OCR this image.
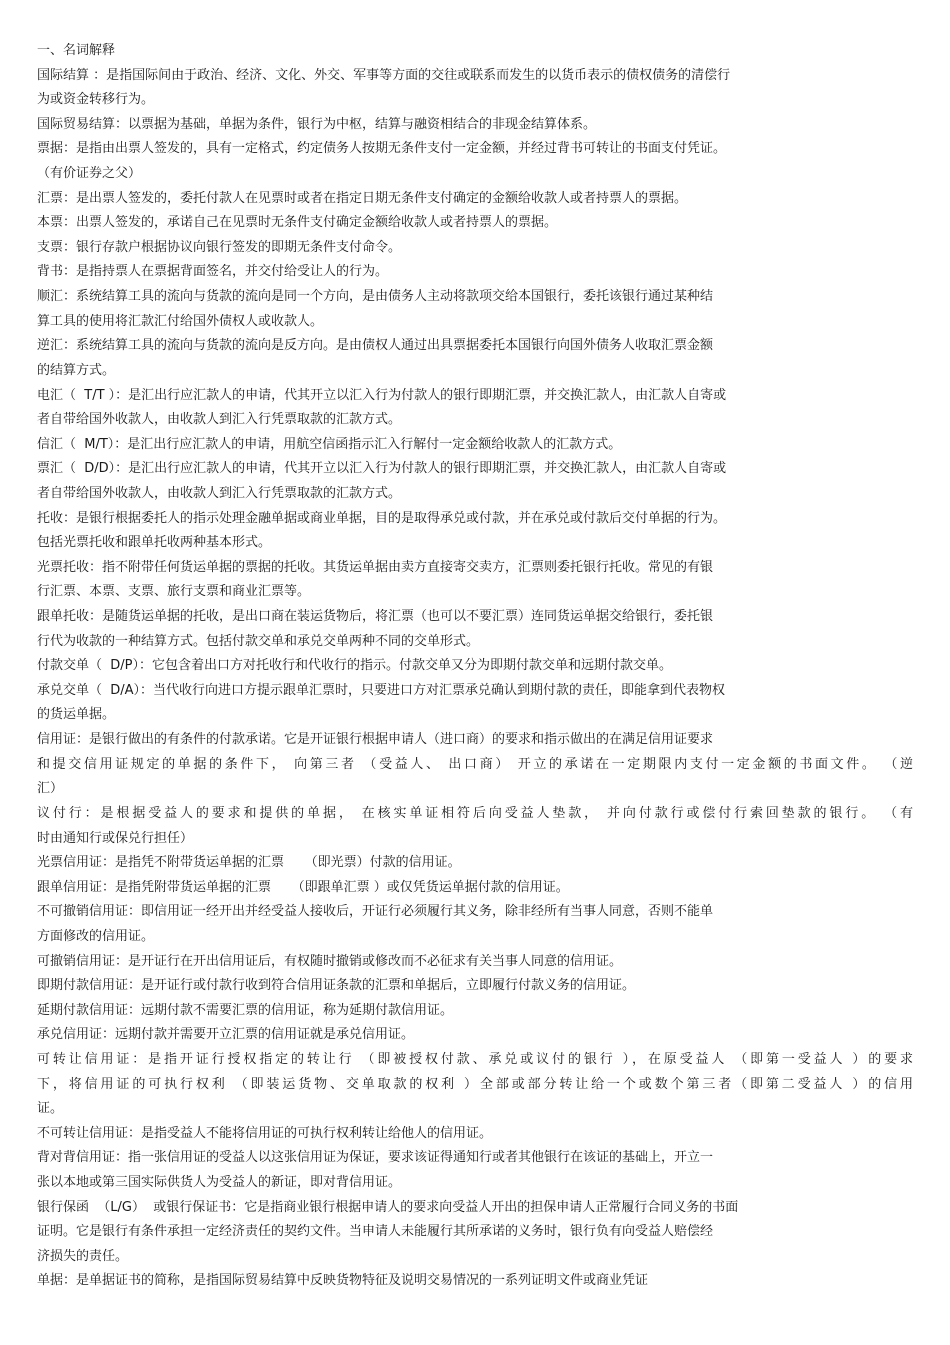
一、名词解释
国际结算 ：是指国际间由于政治、经济、文化、外交、军事等方面的交往或联系而发生的以货币表示的债权债务的清偿行
为或资金转移行为。
国际贸易结算：以票据为基础，单据为条件，银行为中枢，结算与融资相结合的非现金结算体系。
票据：是指由出票人签发的，具有一定格式，约定债务人按期无条件支付一定金额，并经过背书可转让的书面支付凭证。
（有价证券之父）
汇票：是出票人签发的，委托付款人在见票时或者在指定日期无条件支付确定的金额给收款人或者持票人的票据。
本票：出票人签发的，承诺自己在见票时无条件支付确定金额给收款人或者持票人的票据。
支票：银行存款户根据协议向银行签发的即期无条件支付命令。
背书：是指持票人在票据背面签名，并交付给受让人的行为。
顺汇：系统结算工具的流向与货款的流向是同一个方向，是由债务人主动将款项交给本国银行，委托该银行通过某种结
算工具的使用将汇款汇付给国外债权人或收款人。
逆汇：系统结算工具的流向与货款的流向是反方向。是由债权人通过出具票据委托本国银行向国外债务人收取汇票金额
的结算方式。
电汇（  T/T ）：是汇出行应汇款人的申请，代其开立以汇入行为付款人的银行即期汇票，并交换汇款人，由汇款人自寄或
者自带给国外收款人，由收款人到汇入行凭票取款的汇款方式。
信汇（  M/T）：是汇出行应汇款人的申请，用航空信函指示汇入行解付一定金额给收款人的汇款方式。
票汇（  D/D）：是汇出行应汇款人的申请，代其开立以汇入行为付款人的银行即期汇票，并交换汇款人，由汇款人自寄或
者自带给国外收款人，由收款人到汇入行凭票取款的汇款方式。
托收：是银行根据委托人的指示处理金融单据或商业单据，目的是取得承兑或付款，并在承兑或付款后交付单据的行为。
包括光票托收和跟单托收两种基本形式。
光票托收：指不附带任何货运单据的票据的托收。其货运单据由卖方直接寄交卖方，汇票则委托银行托收。常见的有银
行汇票、本票、支票、旅行支票和商业汇票等。
跟单托收：是随货运单据的托收，是出口商在装运货物后，将汇票（也可以不要汇票）连同货运单据交给银行，委托银
行代为收款的一种结算方式。包括付款交单和承兑交单两种不同的交单形式。
付款交单（  D/P）：它包含着出口方对托收行和代收行的指示。付款交单又分为即期付款交单和远期付款交单。
承兑交单（  D/A）：当代收行向进口方提示跟单汇票时，只要进口方对汇票承兑确认到期付款的责任，即能拿到代表物权
的货运单据。
信用证：是银行做出的有条件的付款承诺。它是开证银行根据申请人（进口商）的要求和指示做出的在满足信用证要求
和提交信用证规定的单据的条件下， 向第三者 （受益人、 出口商） 开立的承诺在一定期限内支付一定金额的书面文件。 （逆
汇）
议付行：是根据受益人的要求和提供的单据， 在核实单证相符后向受益人垫款， 并向付款行或偿付行索回垫款的银行。 （有
时由通知行或保兑行担任）
光票信用证：是指凭不附带货运单据的汇票     （即光票）付款的信用证。
跟单信用证：是指凭附带货运单据的汇票     （即跟单汇票 ）或仅凭货运单据付款的信用证。
不可撤销信用证：即信用证一经开出并经受益人接收后，开证行必须履行其义务，除非经所有当事人同意，否则不能单
方面修改的信用证。
可撤销信用证：是开证行在开出信用证后，有权随时撤销或修改而不必征求有关当事人同意的信用证。
即期付款信用证：是开证行或付款行收到符合信用证条款的汇票和单据后，立即履行付款义务的信用证。
延期付款信用证：远期付款不需要汇票的信用证，称为延期付款信用证。
承兑信用证：远期付款并需要开立汇票的信用证就是承兑信用证。
可转让信用证：是指开证行授权指定的转让行 （即被授权付款、承兑或议付的银行 ），在原受益人 （即第一受益人 ）的要求
下，将信用证的可执行权利 （即装运货物、交单取款的权利 ）全部或部分转让给一个或数个第三者（即第二受益人 ）的信用
证。
不可转让信用证：是指受益人不能将信用证的可执行权利转让给他人的信用证。
背对背信用证：指一张信用证的受益人以这张信用证为保证，要求该证得通知行或者其他银行在该证的基础上，开立一
张以本地或第三国实际供货人为受益人的新证，即对背信用证。
银行保函  （L/G）  或银行保证书：它是指商业银行根据申请人的要求向受益人开出的担保申请人正常履行合同义务的书面
证明。它是银行有条件承担一定经济责任的契约文件。当申请人未能履行其所承诺的义务时，银行负有向受益人赔偿经
济损失的责任。
单据：是单据证书的简称，是指国际贸易结算中反映货物特征及说明交易情况的一系列证明文件或商业凭证
